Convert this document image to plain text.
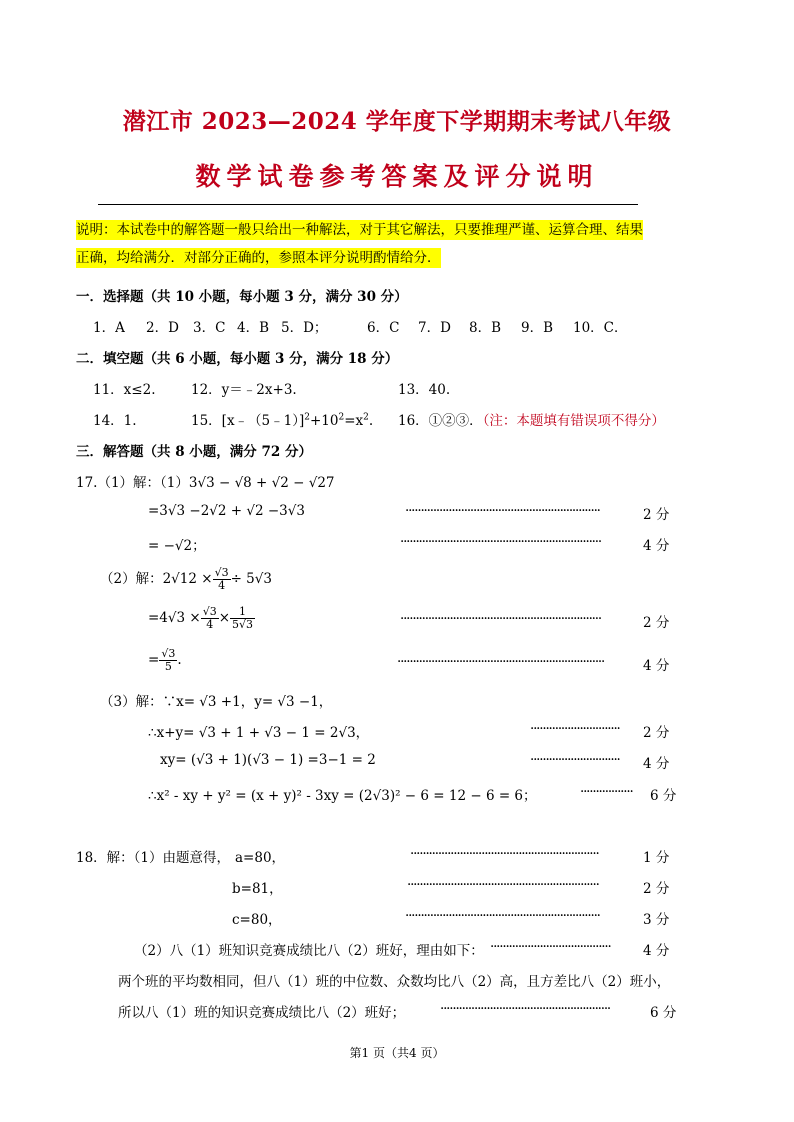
潜江市 2023—2024 学年度下学期期末考试八年级
数学试卷参考答案及评分说明
说明：本试卷中的解答题一般只给出一种解法，对于其它解法，只要推理严谨、运算合理、结果
正确，均给满分．对部分正确的，参照本评分说明酌情给分．
一．选择题（共 10 小题，每小题 3 分，满分 30 分）
1．A 2．D 3．C 4．B 5．D；	6．C 7．D 8．B 9．B 10．C．
二．填空题（共 6 小题，每小题 3 分，满分 18 分）
11．x≤2.	12．y＝﹣2x+3.	13．40.
14．1.	15．$[x﹣(5﹣1)]^2+10^2=x^2$. 16．①②③．（注：本题填有错误项不得分）
三．解答题（共 8 小题，满分 72 分）
17.（1）解：（1）3√3 − √8 + √2 − √27
=3√3 −2√2 + √2 −3√3	·······························································	2 分
= −√2；	·································································	4 分
（2）解：$2√12 \times \frac{√3}{4} \div 5√3$
$=4√3 \times \frac{√3}{4} \times \frac{1}{5√3}$	·································································	2 分
= $\frac{√3}{5}$ .	···································································	4 分
（3）解：∵x= √3 +1，y= √3 −1，
∴x+y= √3 + 1 + √3 − 1 = 2√3，	····························· 2 分
xy= (√3 + 1)(√3 − 1) =3−1 = 2	····························· 4 分
∴x² - xy + y² = (x + y)² - 3xy = (2√3)² − 6 = 12 − 6 = 6；	················· 6 分
18．解：（1）由题意得， a=80，	·····························································	1 分
b=81，	······························································	2 分
c=80，	·······························································	3 分
（2）八（1）班知识竞赛成绩比八（2）班好，理由如下： ······································· 4 分
两个班的平均数相同，但八（1）班的中位数、众数均比八（2）高，且方差比八（2）班小，
所以八（1）班的知识竞赛成绩比八（2）班好；	·······················································	6 分
第1 页（共4 页）
